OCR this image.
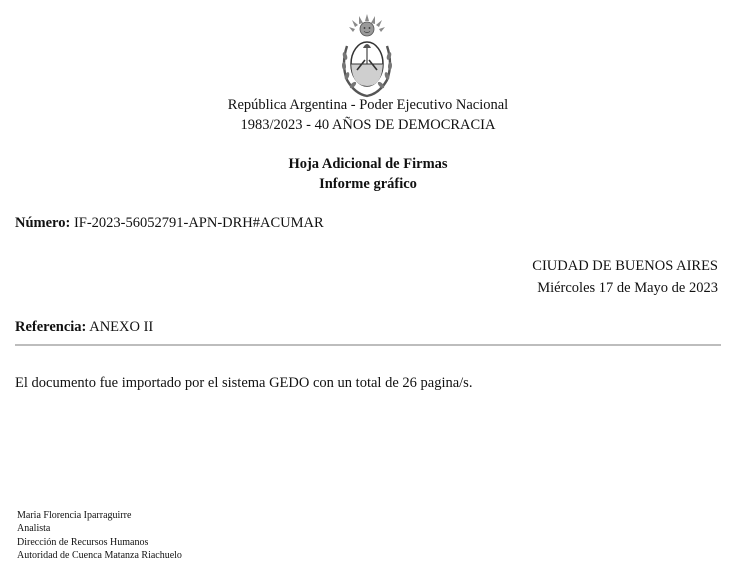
República Argentina - Poder Ejecutivo Nacional
1983/2023 - 40 AÑOS DE DEMOCRACIA
Hoja Adicional de Firmas
Informe gráfico
Número: IF-2023-56052791-APN-DRH#ACUMAR
CIUDAD DE BUENOS AIRES
Miércoles 17 de Mayo de 2023
Referencia: ANEXO II
El documento fue importado por el sistema GEDO con un total de 26 pagina/s.
Maria Florencia Iparraguirre
Analista
Dirección de Recursos Humanos
Autoridad de Cuenca Matanza Riachuelo
